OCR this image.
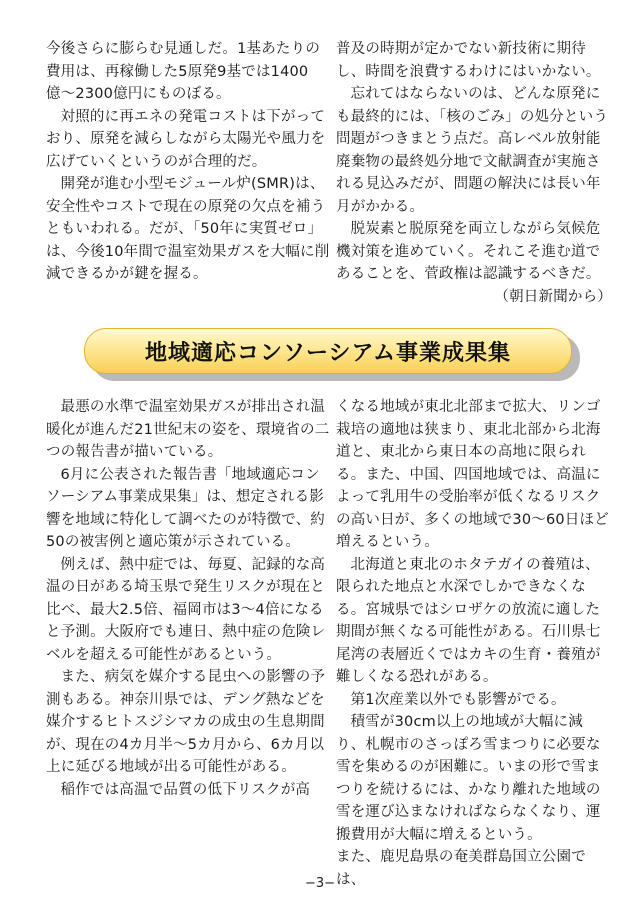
今後さらに膨らむ見通しだ。1基あたりの費用は、再稼働した5原発9基では1400億〜2300億円にものぼる。

対照的に再エネの発電コストは下がっており、原発を減らしながら太陽光や風力を広げていくというのが合理的だ。

開発が進む小型モジュール炉(SMR)は、安全性やコストで現在の原発の欠点を補うともいわれる。だが、「50年に実質ゼロ」は、今後10年間で温室効果ガスを大幅に削減できるかが鍵を握る。

普及の時期が定かでない新技術に期待し、時間を浪費するわけにはいかない。

忘れてはならないのは、どんな原発にも最終的には、「核のごみ」の処分という問題がつきまとう点だ。高レベル放射能廃棄物の最終処分地で文献調査が実施される見込みだが、問題の解決には長い年月がかかる。

脱炭素と脱原発を両立しながら気候危機対策を進めていく。それこそ進む道であることを、菅政権は認識するべきだ。

（朝日新聞から）

地域適応コンソーシアム事業成果集

最悪の水準で温室効果ガスが排出され温暖化が進んだ21世紀末の姿を、環境省の二つの報告書が描いている。

6月に公表された報告書「地域適応コンソーシアム事業成果集」は、想定される影響を地域に特化して調べたのが特徴で、約50の被害例と適応策が示されている。

例えば、熱中症では、毎夏、記録的な高温の日がある埼玉県で発生リスクが現在と比べ、最大2.5倍、福岡市は3〜4倍になると予測。大阪府でも連日、熱中症の危険レベルを超える可能性があるという。

また、病気を媒介する昆虫への影響の予測もある。神奈川県では、デング熱などを媒介するヒトスジシマカの成虫の生息期間が、現在の4カ月半〜5カ月から、6カ月以上に延びる地域が出る可能性がある。

稲作では高温で品質の低下リスクが高

くなる地域が東北北部まで拡大、リンゴ栽培の適地は狭まり、東北北部から北海道と、東北から東日本の高地に限られる。また、中国、四国地域では、高温によって乳用牛の受胎率が低くなるリスクの高い日が、多くの地域で30〜60日ほど増えるという。

北海道と東北のホタテガイの養殖は、限られた地点と水深でしかできなくなる。宮城県ではシロザケの放流に適した期間が無くなる可能性がある。石川県七尾湾の表層近くではカキの生育・養殖が難しくなる恐れがある。

第1次産業以外でも影響がでる。

積雪が30cm以上の地域が大幅に減り、札幌市のさっぽろ雪まつりに必要な雪を集めるのが困難に。いまの形で雪まつりを続けるには、かなり離れた地域の雪を運び込まなければならなくなり、運搬費用が大幅に増えるという。

また、鹿児島県の奄美群島国立公園では、

−3−
